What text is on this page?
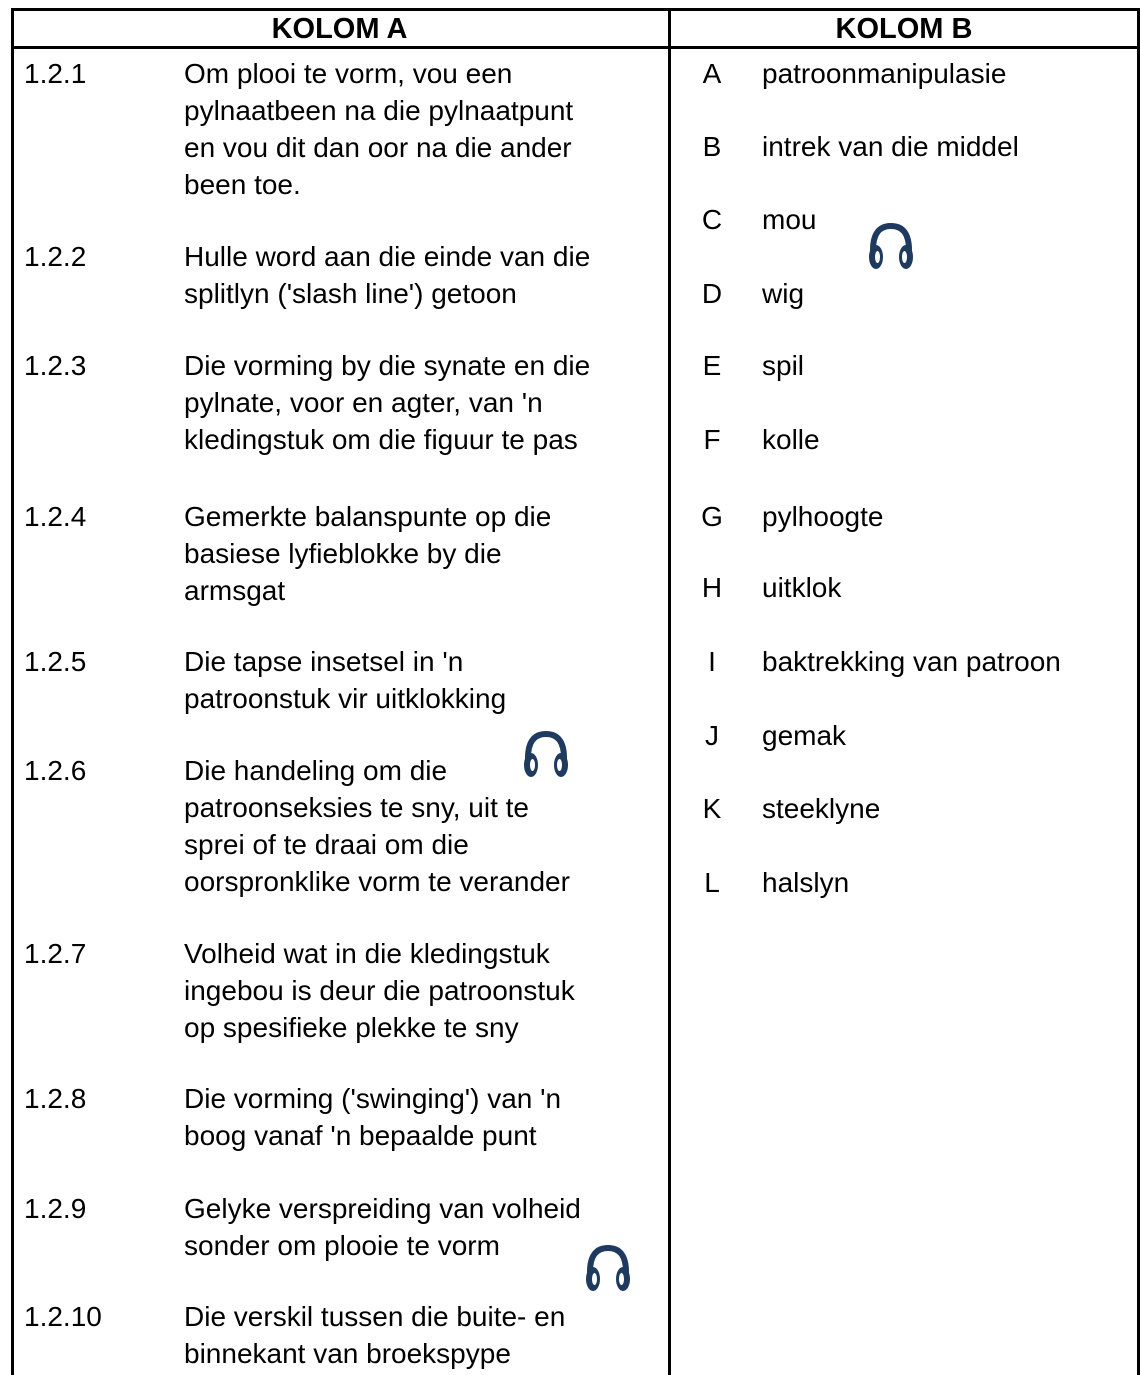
KOLOM A	KOLOM B
1.2.1	Om plooi te vorm, vou een
pylnaatbeen na die pylnaatpunt
en vou dit dan oor na die ander
been toe.
1.2.2	Hulle word aan die einde van die
splitlyn ('slash line') getoon
1.2.3	Die vorming by die synate en die
pylnate, voor en agter, van 'n
kledingstuk om die figuur te pas
1.2.4	Gemerkte balanspunte op die
basiese lyfieblokke by die
armsgat
1.2.5	Die tapse insetsel in 'n
patroonstuk vir uitklokking
1.2.6	Die handeling om die
patroonseksies te sny, uit te
sprei of te draai om die
oorspronklike vorm te verander
1.2.7	Volheid wat in die kledingstuk
ingebou is deur die patroonstuk
op spesifieke plekke te sny
1.2.8	Die vorming ('swinging') van 'n
boog vanaf 'n bepaalde punt
1.2.9	Gelyke verspreiding van volheid
sonder om plooie te vorm
1.2.10	Die verskil tussen die buite- en
binnekant van broekspype
A patroonmanipulasie
B intrek van die middel
C mou
D wig
E spil
F kolle
G pylhoogte
H uitklok
I	baktrekking van patroon
J gemak
K steeklyne
L halslyn
